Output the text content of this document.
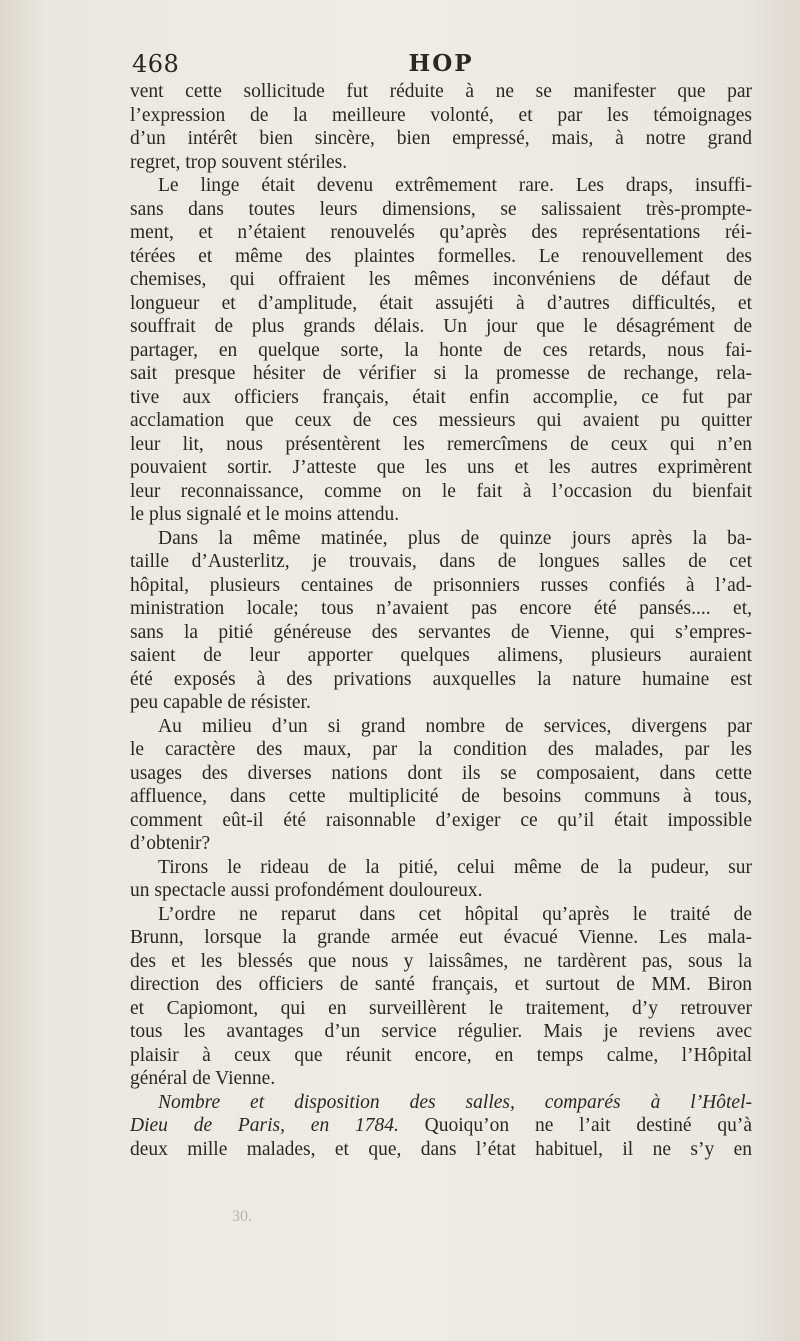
468	HOP
vent cette sollicitude fut réduite à ne se manifester que par
l’expression de la meilleure volonté, et par les témoignages
d’un intérêt bien sincère, bien empressé, mais, à notre grand
regret, trop souvent stériles.
Le linge était devenu extrêmement rare. Les draps, insuffi-
sans dans toutes leurs dimensions, se salissaient très-prompte-
ment, et n’étaient renouvelés qu’après des représentations réi-
térées et même des plaintes formelles. Le renouvellement des
chemises, qui offraient les mêmes inconvéniens de défaut de
longueur et d’amplitude, était assujéti à d’autres difficultés, et
souffrait de plus grands délais. Un jour que le désagrément de
partager, en quelque sorte, la honte de ces retards, nous fai-
sait presque hésiter de vérifier si la promesse de rechange, rela-
tive aux officiers français, était enfin accomplie, ce fut par
acclamation que ceux de ces messieurs qui avaient pu quitter
leur lit, nous présentèrent les remercîmens de ceux qui n’en
pouvaient sortir. J’atteste que les uns et les autres exprimèrent
leur reconnaissance, comme on le fait à l’occasion du bienfait
le plus signalé et le moins attendu.
Dans la même matinée, plus de quinze jours après la ba-
taille d’Austerlitz, je trouvais, dans de longues salles de cet
hôpital, plusieurs centaines de prisonniers russes confiés à l’ad-
ministration locale; tous n’avaient pas encore été pansés.... et,
sans la pitié généreuse des servantes de Vienne, qui s’empres-
saient de leur apporter quelques alimens, plusieurs auraient
été exposés à des privations auxquelles la nature humaine est
peu capable de résister.
Au milieu d’un si grand nombre de services, divergens par
le caractère des maux, par la condition des malades, par les
usages des diverses nations dont ils se composaient, dans cette
affluence, dans cette multiplicité de besoins communs à tous,
comment eût-il été raisonnable d’exiger ce qu’il était impossible
d’obtenir?
Tirons le rideau de la pitié, celui même de la pudeur, sur
un spectacle aussi profondément douloureux.
L’ordre ne reparut dans cet hôpital qu’après le traité de
Brunn, lorsque la grande armée eut évacué Vienne. Les mala-
des et les blessés que nous y laissâmes, ne tardèrent pas, sous la
direction des officiers de santé français, et surtout de MM. Biron
et Capiomont, qui en surveillèrent le traitement, d’y retrouver
tous les avantages d’un service régulier. Mais je reviens avec
plaisir à ceux que réunit encore, en temps calme, l’Hôpital
général de Vienne.
Nombre et disposition des salles, comparés à l’Hôtel-
Dieu de Paris, en 1784. Quoiqu’on ne l’ait destiné qu’à
deux mille malades, et que, dans l’état habituel, il ne s’y en
30.
